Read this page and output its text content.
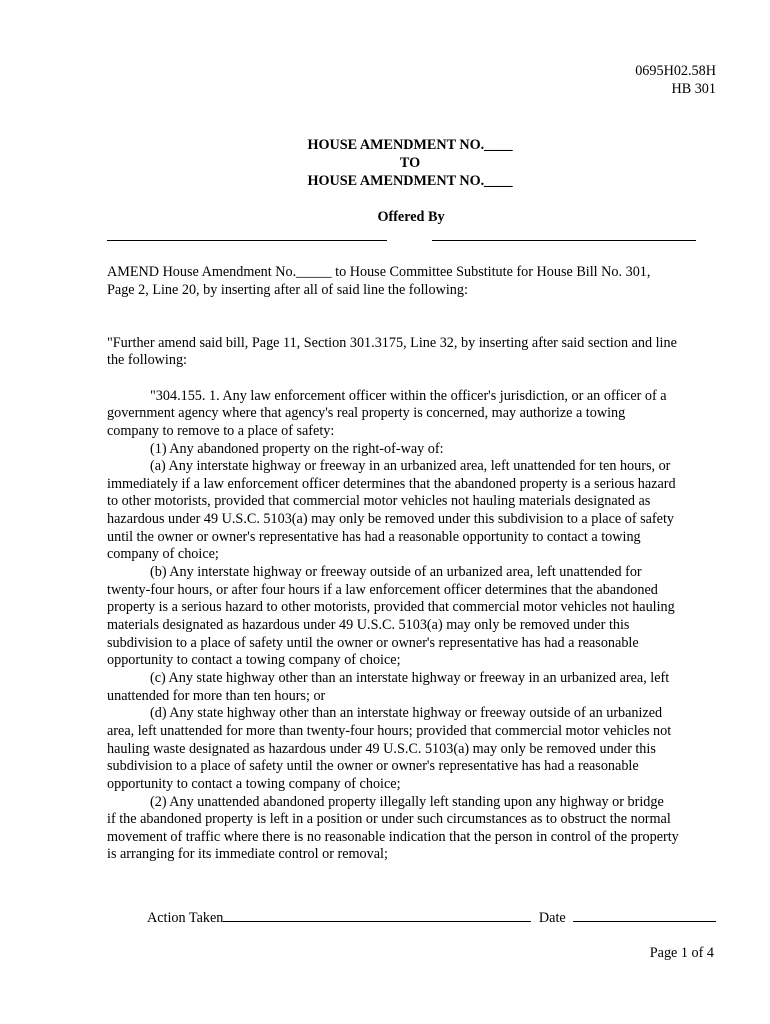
0695H02.58H
HB 301
HOUSE AMENDMENT NO.____
TO
HOUSE AMENDMENT NO.____
Offered By
AMEND House Amendment No._____ to House Committee Substitute for House Bill No. 301,
Page 2, Line 20, by inserting after all of said line the following:
"Further amend said bill, Page 11, Section 301.3175, Line 32, by inserting after said section and line
the following:
"304.155. 1. Any law enforcement officer within the officer's jurisdiction, or an officer of a
government agency where that agency's real property is concerned, may authorize a towing
company to remove to a place of safety:
(1) Any abandoned property on the right-of-way of:
(a) Any interstate highway or freeway in an urbanized area, left unattended for ten hours, or
immediately if a law enforcement officer determines that the abandoned property is a serious hazard
to other motorists, provided that commercial motor vehicles not hauling materials designated as
hazardous under 49 U.S.C. 5103(a) may only be removed under this subdivision to a place of safety
until the owner or owner's representative has had a reasonable opportunity to contact a towing
company of choice;
(b) Any interstate highway or freeway outside of an urbanized area, left unattended for
twenty-four hours, or after four hours if a law enforcement officer determines that the abandoned
property is a serious hazard to other motorists, provided that commercial motor vehicles not hauling
materials designated as hazardous under 49 U.S.C. 5103(a) may only be removed under this
subdivision to a place of safety until the owner or owner's representative has had a reasonable
opportunity to contact a towing company of choice;
(c) Any state highway other than an interstate highway or freeway in an urbanized area, left
unattended for more than ten hours; or
(d) Any state highway other than an interstate highway or freeway outside of an urbanized
area, left unattended for more than twenty-four hours; provided that commercial motor vehicles not
hauling waste designated as hazardous under 49 U.S.C. 5103(a) may only be removed under this
subdivision to a place of safety until the owner or owner's representative has had a reasonable
opportunity to contact a towing company of choice;
(2) Any unattended abandoned property illegally left standing upon any highway or bridge
if the abandoned property is left in a position or under such circumstances as to obstruct the normal
movement of traffic where there is no reasonable indication that the person in control of the property
is arranging for its immediate control or removal;
Action Taken	Date
Page 1 of 4
